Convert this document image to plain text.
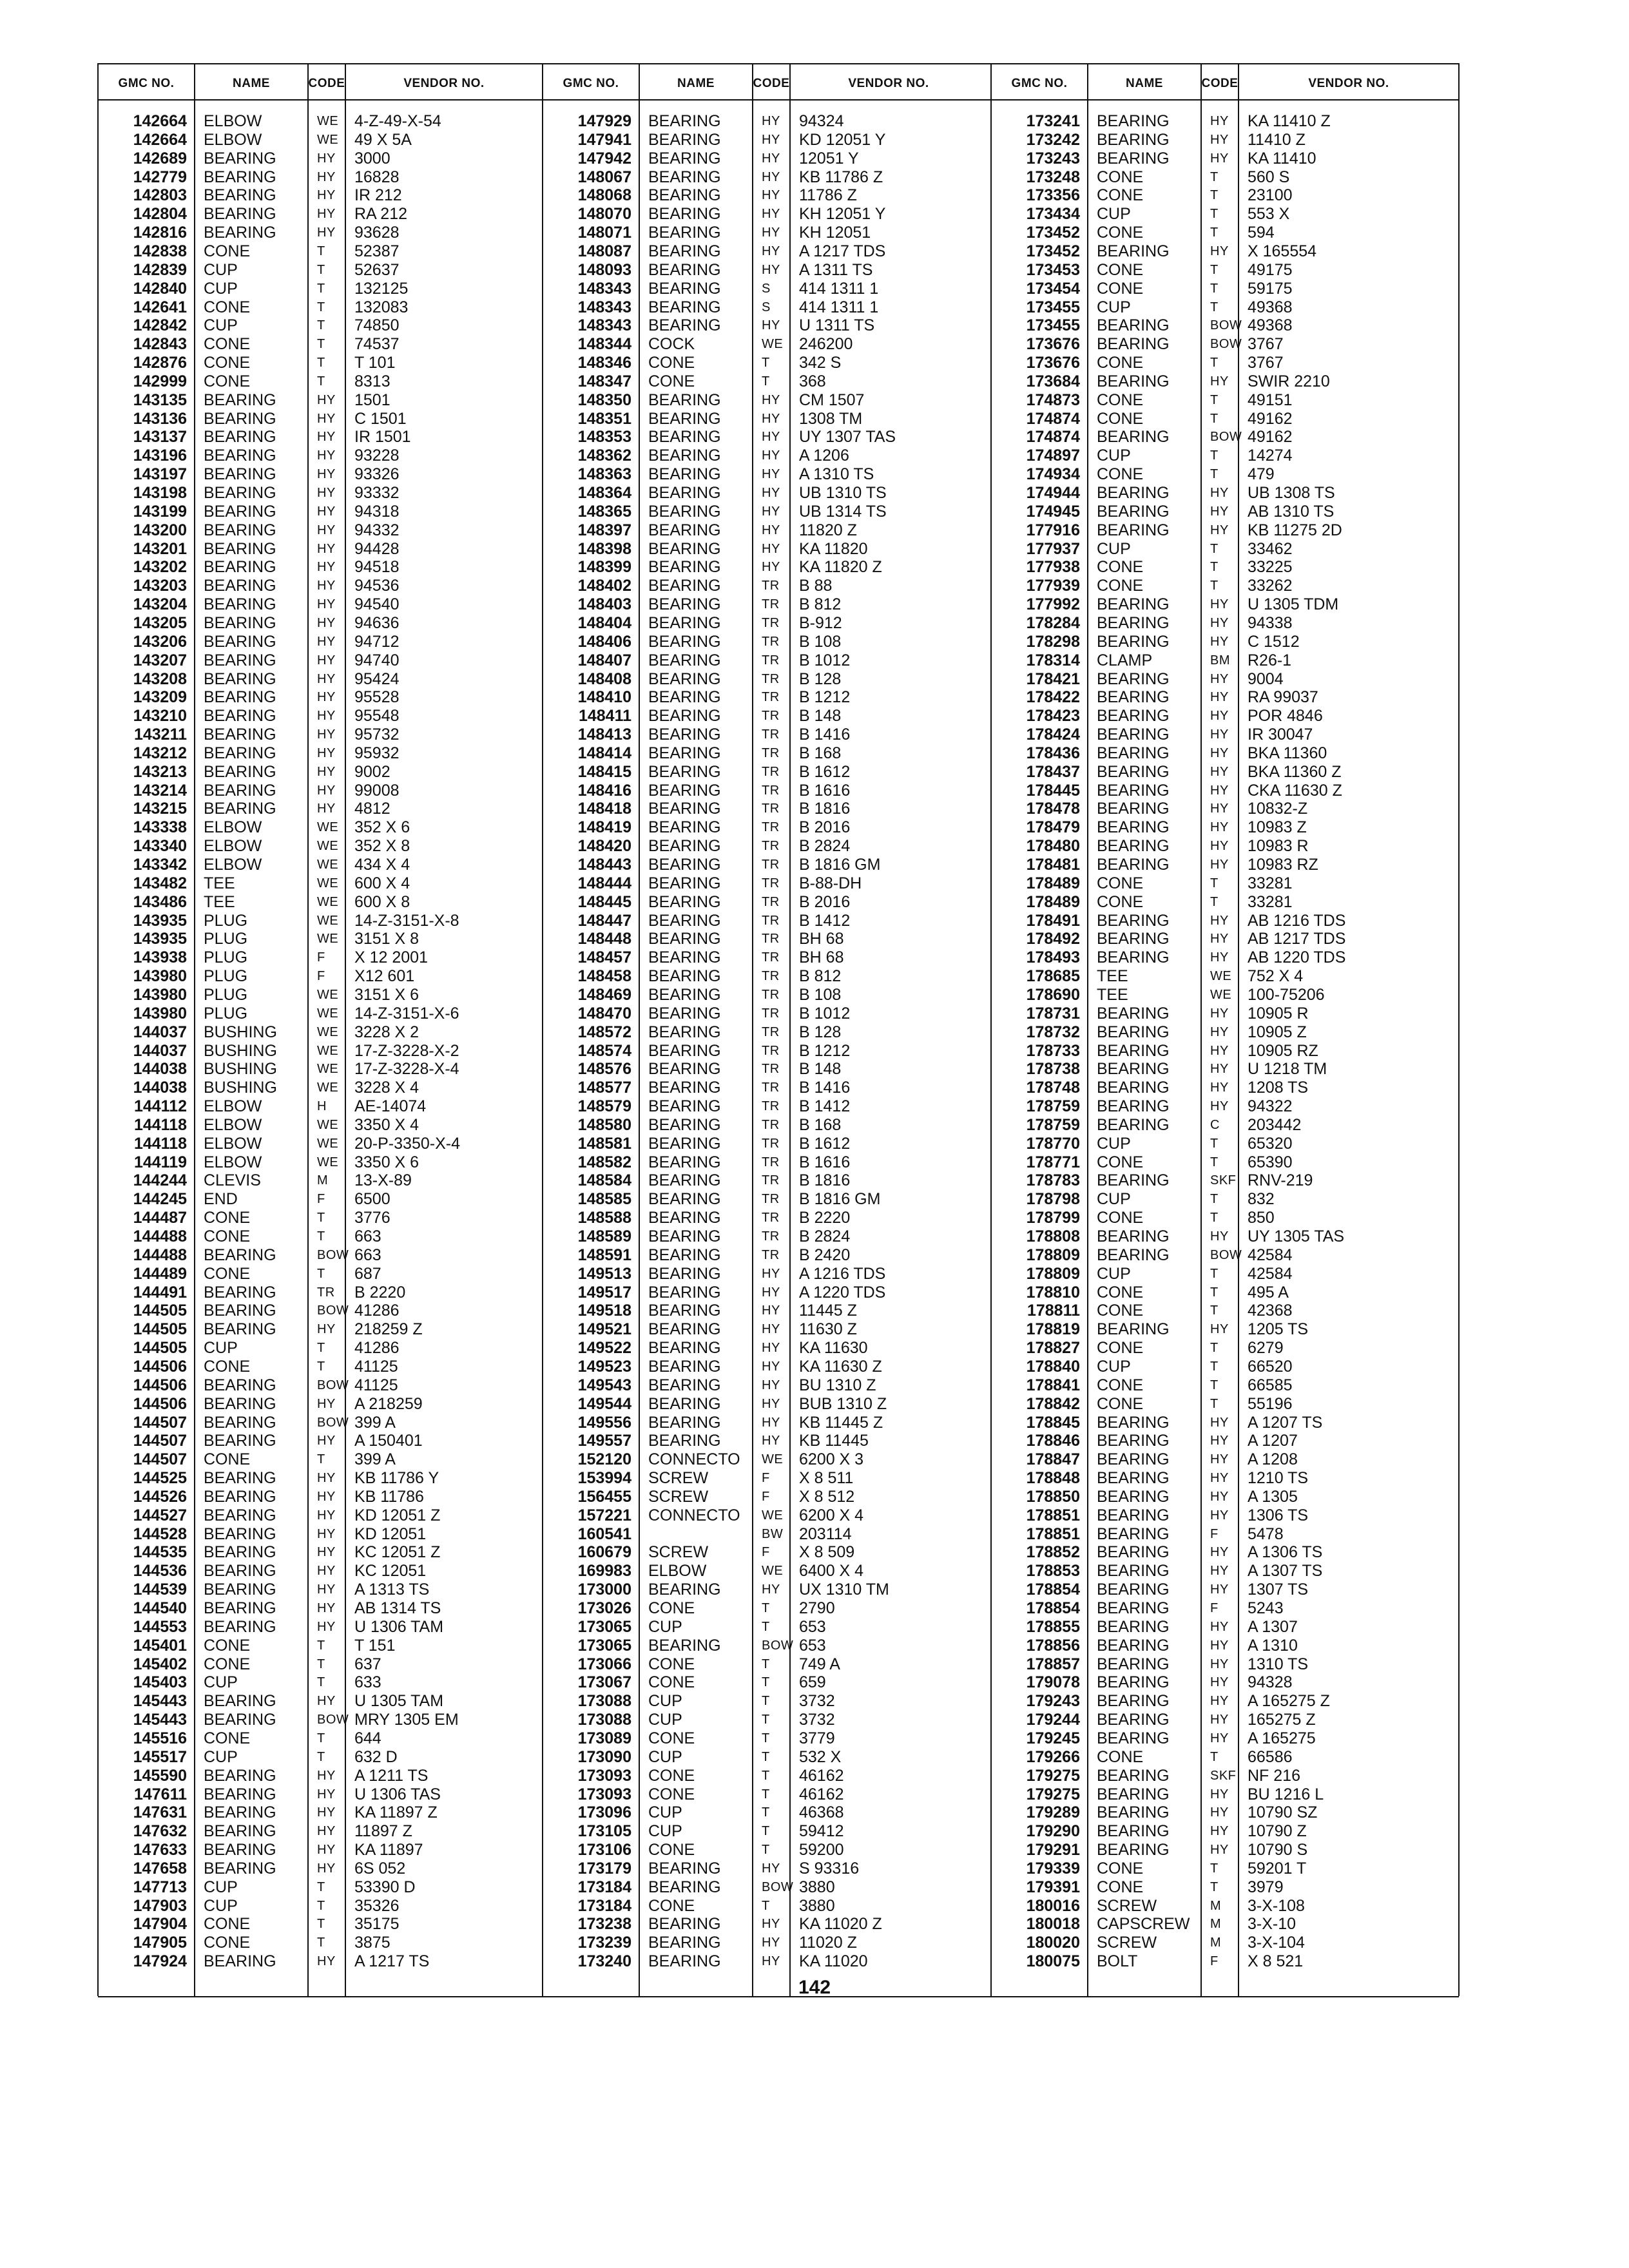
GMC NO.	NAME	CODE	VENDOR NO.
142664 ELBOW	WE 4-Z-49-X-54
142664 ELBOW	WE 49 X 5A
142689 BEARING	HY	3000
142779 BEARING	HY	16828
142803 BEARING	HY	IR 212
142804 BEARING	HY	RA 212
142816 BEARING	HY	93628
142838 CONE	T	52387
142839 CUP	T	52637
142840 CUP	T	132125
142641 CONE	T	132083
142842 CUP	T	74850
142843 CONE	T	74537
142876 CONE	T	T 101
142999 CONE	T	8313
143135 BEARING	HY	1501
143136 BEARING	HY	C 1501
143137 BEARING	HY	IR 1501
143196 BEARING	HY	93228
143197 BEARING	HY	93326
143198 BEARING	HY	93332
143199 BEARING	HY	94318
143200 BEARING	HY	94332
143201 BEARING	HY	94428
143202 BEARING	HY	94518
143203 BEARING	HY	94536
143204 BEARING	HY	94540
143205 BEARING	HY	94636
143206 BEARING	HY	94712
143207 BEARING	HY	94740
143208 BEARING	HY	95424
143209 BEARING	HY	95528
143210 BEARING	HY	95548
143211 BEARING	HY	95732
143212 BEARING	HY	95932
143213 BEARING	HY	9002
143214 BEARING	HY	99008
143215 BEARING	HY	4812
143338 ELBOW	WE 352 X 6
143340 ELBOW	WE 352 X 8
143342 ELBOW	WE 434 X 4
143482 TEE	WE 600 X 4
143486 TEE	WE 600 X 8
143935 PLUG	WE 14-Z-3151-X-8
143935 PLUG	WE 3151 X 8
143938 PLUG	F	X 12 2001
143980 PLUG	F	X12 601
143980 PLUG	WE 3151 X 6
143980 PLUG	WE 14-Z-3151-X-6
144037 BUSHING	WE 3228 X 2
144037 BUSHING	WE 17-Z-3228-X-2
144038 BUSHING	WE 17-Z-3228-X-4
144038 BUSHING	WE 3228 X 4
144112 ELBOW	H	AE-14074
144118 ELBOW	WE 3350 X 4
144118 ELBOW	WE 20-P-3350-X-4
144119 ELBOW	WE 3350 X 6
144244 CLEVIS	M	13-X-89
144245 END	F	6500
144487 CONE	T	3776
144488 CONE	T	663
144488 BEARING	BOW 663
144489 CONE	T	687
144491 BEARING	TR	B 2220
144505 BEARING	BOW 41286
144505 BEARING	HY	218259 Z
144505 CUP	T	41286
144506 CONE	T	41125
144506 BEARING	BOW 41125
144506 BEARING	HY	A 218259
144507 BEARING	BOW 399 A
144507 BEARING	HY	A 150401
144507 CONE	T	399 A
144525 BEARING	HY	KB 11786 Y
144526 BEARING	HY	KB 11786
144527 BEARING	HY	KD 12051 Z
144528 BEARING	HY	KD 12051
144535 BEARING	HY	KC 12051 Z
144536 BEARING	HY	KC 12051
144539 BEARING	HY	A 1313 TS
144540 BEARING	HY	AB 1314 TS
144553 BEARING	HY	U 1306 TAM
145401 CONE	T	T 151
145402 CONE	T	637
145403 CUP	T	633
145443 BEARING	HY	U 1305 TAM
145443 BEARING	BOW MRY 1305 EM
145516 CONE	T	644
145517 CUP	T	632 D
145590 BEARING	HY	A 1211 TS
147611 BEARING	HY	U 1306 TAS
147631 BEARING	HY	KA 11897 Z
147632 BEARING	HY	11897 Z
147633 BEARING	HY	KA 11897
147658 BEARING	HY	6S 052
147713 CUP	T	53390 D
147903 CUP	T	35326
147904 CONE	T	35175
147905 CONE	T	3875
147924 BEARING	HY	A 1217 TS
GMC NO.	NAME	CODE	VENDOR NO.
147929 BEARING	HY	94324
147941 BEARING	HY	KD 12051 Y
147942 BEARING	HY	12051 Y
148067 BEARING	HY	KB 11786 Z
148068 BEARING	HY	11786 Z
148070 BEARING	HY	KH 12051 Y
148071 BEARING	HY	KH 12051
148087 BEARING	HY	A 1217 TDS
148093 BEARING	HY	A 1311 TS
148343 BEARING	S	414 1311 1
148343 BEARING	S	414 1311 1
148343 BEARING	HY	U 1311 TS
148344 COCK	WE 246200
148346 CONE	T	342 S
148347 CONE	T	368
148350 BEARING	HY	CM 1507
148351 BEARING	HY	1308 TM
148353 BEARING	HY	UY 1307 TAS
148362 BEARING	HY	A 1206
148363 BEARING	HY	A 1310 TS
148364 BEARING	HY	UB 1310 TS
148365 BEARING	HY	UB 1314 TS
148397 BEARING	HY	11820 Z
148398 BEARING	HY	KA 11820
148399 BEARING	HY	KA 11820 Z
148402 BEARING	TR	B 88
148403 BEARING	TR	B 812
148404 BEARING	TR	B-912
148406 BEARING	TR	B 108
148407 BEARING	TR	B 1012
148408 BEARING	TR	B 128
148410 BEARING	TR	B 1212
148411 BEARING	TR	B 148
148413 BEARING	TR	B 1416
148414 BEARING	TR	B 168
148415 BEARING	TR	B 1612
148416 BEARING	TR	B 1616
148418 BEARING	TR	B 1816
148419 BEARING	TR	B 2016
148420 BEARING	TR	B 2824
148443 BEARING	TR	B 1816 GM
148444 BEARING	TR	B-88-DH
148445 BEARING	TR	B 2016
148447 BEARING	TR	B 1412
148448 BEARING	TR	BH 68
148457 BEARING	TR	BH 68
148458 BEARING	TR	B 812
148469 BEARING	TR	B 108
148470 BEARING	TR	B 1012
148572 BEARING	TR	B 128
148574 BEARING	TR	B 1212
148576 BEARING	TR	B 148
148577 BEARING	TR	B 1416
148579 BEARING	TR	B 1412
148580 BEARING	TR	B 168
148581 BEARING	TR	B 1612
148582 BEARING	TR	B 1616
148584 BEARING	TR	B 1816
148585 BEARING	TR	B 1816 GM
148588 BEARING	TR	B 2220
148589 BEARING	TR	B 2824
148591 BEARING	TR	B 2420
149513 BEARING	HY	A 1216 TDS
149517 BEARING	HY	A 1220 TDS
149518 BEARING	HY	11445 Z
149521 BEARING	HY	11630 Z
149522 BEARING	HY	KA 11630
149523 BEARING	HY	KA 11630 Z
149543 BEARING	HY	BU 1310 Z
149544 BEARING	HY	BUB 1310 Z
149556 BEARING	HY	KB 11445 Z
149557 BEARING	HY	KB 11445
152120 CONNECTO	WE 6200 X 3
153994 SCREW	F	X 8 511
156455 SCREW	F	X 8 512
157221 CONNECTO	WE 6200 X 4
160541	BW 203114
160679 SCREW	F	X 8 509
169983 ELBOW	WE 6400 X 4
173000 BEARING	HY	UX 1310 TM
173026 CONE	T	2790
173065 CUP	T	653
173065 BEARING	BOW 653
173066 CONE	T	749 A
173067 CONE	T	659
173088 CUP	T	3732
173088 CUP	T	3732
173089 CONE	T	3779
173090 CUP	T	532 X
173093 CONE	T	46162
173093 CONE	T	46162
173096 CUP	T	46368
173105 CUP	T	59412
173106 CONE	T	59200
173179 BEARING	HY	S 93316
173184 BEARING	BOW 3880
173184 CONE	T	3880
173238 BEARING	HY	KA 11020 Z
173239 BEARING	HY	11020 Z
173240 BEARING	HY	KA 11020
GMC NO.	NAME	CODE	VENDOR NO.
173241 BEARING	HY	KA 11410 Z
173242 BEARING	HY	11410 Z
173243 BEARING	HY	KA 11410
173248 CONE	T	560 S
173356 CONE	T	23100
173434 CUP	T	553 X
173452 CONE	T	594
173452 BEARING	HY	X 165554
173453 CONE	T	49175
173454 CONE	T	59175
173455 CUP	T	49368
173455 BEARING	BOW 49368
173676 BEARING	BOW 3767
173676 CONE	T	3767
173684 BEARING	HY	SWIR 2210
174873 CONE	T	49151
174874 CONE	T	49162
174874 BEARING	BOW 49162
174897 CUP	T	14274
174934 CONE	T	479
174944 BEARING	HY	UB 1308 TS
174945 BEARING	HY	AB 1310 TS
177916 BEARING	HY	KB 11275 2D
177937 CUP	T	33462
177938 CONE	T	33225
177939 CONE	T	33262
177992 BEARING	HY	U 1305 TDM
178284 BEARING	HY	94338
178298 BEARING	HY	C 1512
178314 CLAMP	BM	R26-1
178421 BEARING	HY	9004
178422 BEARING	HY	RA 99037
178423 BEARING	HY	POR 4846
178424 BEARING	HY	IR 30047
178436 BEARING	HY	BKA 11360
178437 BEARING	HY	BKA 11360 Z
178445 BEARING	HY	CKA 11630 Z
178478 BEARING	HY	10832-Z
178479 BEARING	HY	10983 Z
178480 BEARING	HY	10983 R
178481 BEARING	HY	10983 RZ
178489 CONE	T	33281
178489 CONE	T	33281
178491 BEARING	HY	AB 1216 TDS
178492 BEARING	HY	AB 1217 TDS
178493 BEARING	HY	AB 1220 TDS
178685 TEE	WE 752 X 4
178690 TEE	WE 100-75206
178731 BEARING	HY	10905 R
178732 BEARING	HY	10905 Z
178733 BEARING	HY	10905 RZ
178738 BEARING	HY	U 1218 TM
178748 BEARING	HY	1208 TS
178759 BEARING	HY	94322
178759 BEARING	C	203442
178770 CUP	T	65320
178771 CONE	T	65390
178783 BEARING	SKF RNV-219
178798 CUP	T	832
178799 CONE	T	850
178808 BEARING	HY	UY 1305 TAS
178809 BEARING	BOW 42584
178809 CUP	T	42584
178810 CONE	T	495 A
178811 CONE	T	42368
178819 BEARING	HY	1205 TS
178827 CONE	T	6279
178840 CUP	T	66520
178841 CONE	T	66585
178842 CONE	T	55196
178845 BEARING	HY	A 1207 TS
178846 BEARING	HY	A 1207
178847 BEARING	HY	A 1208
178848 BEARING	HY	1210 TS
178850 BEARING	HY	A 1305
178851 BEARING	HY	1306 TS
178851 BEARING	F	5478
178852 BEARING	HY	A 1306 TS
178853 BEARING	HY	A 1307 TS
178854 BEARING	HY	1307 TS
178854 BEARING	F	5243
178855 BEARING	HY	A 1307
178856 BEARING	HY	A 1310
178857 BEARING	HY	1310 TS
179078 BEARING	HY	94328
179243 BEARING	HY	A 165275 Z
179244 BEARING	HY	165275 Z
179245 BEARING	HY	A 165275
179266 CONE	T	66586
179275 BEARING	SKF NF 216
179275 BEARING	HY	BU 1216 L
179289 BEARING	HY	10790 SZ
179290 BEARING	HY	10790 Z
179291 BEARING	HY	10790 S
179339 CONE	T	59201 T
179391 CONE	T	3979
180016 SCREW	M	3-X-108
180018 CAPSCREW	M	3-X-10
180020 SCREW	M	3-X-104
180075 BOLT	F	X 8 521
142
